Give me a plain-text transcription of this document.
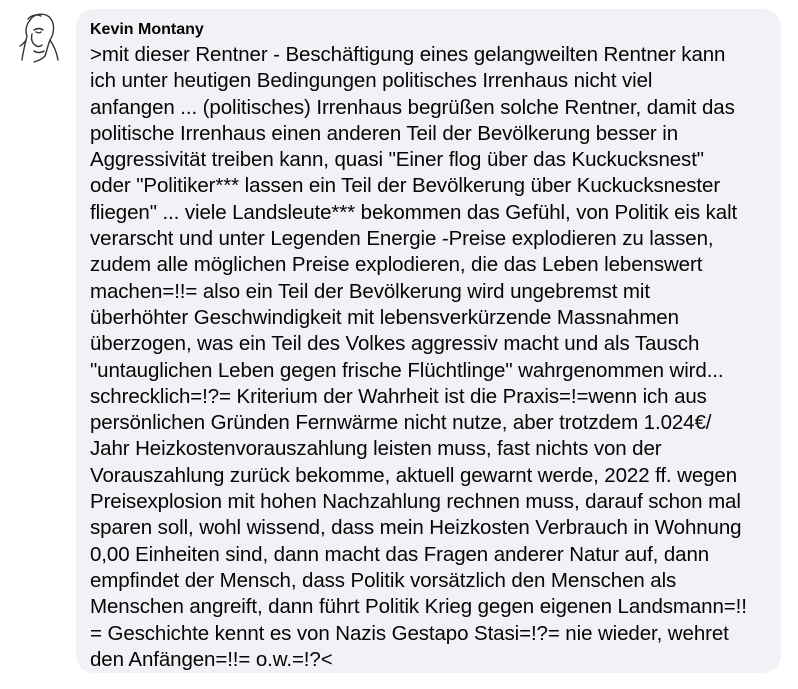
Kevin Montany
>mit dieser Rentner - Beschäftigung eines gelangweilten Rentner kann
ich unter heutigen Bedingungen politisches Irrenhaus nicht viel
anfangen ... (politisches) Irrenhaus begrüßen solche Rentner, damit das
politische Irrenhaus einen anderen Teil der Bevölkerung besser in
Aggressivität treiben kann, quasi "Einer flog über das Kuckucksnest"
oder "Politiker*** lassen ein Teil der Bevölkerung über Kuckucksnester
fliegen" ... viele Landsleute*** bekommen das Gefühl, von Politik eis kalt
verarscht und unter Legenden Energie -Preise explodieren zu lassen,
zudem alle möglichen Preise explodieren, die das Leben lebenswert
machen=!!= also ein Teil der Bevölkerung wird ungebremst mit
überhöhter Geschwindigkeit mit lebensverkürzende Massnahmen
überzogen, was ein Teil des Volkes aggressiv macht und als Tausch
"untauglichen Leben gegen frische Flüchtlinge" wahrgenommen wird...
schrecklich=!?= Kriterium der Wahrheit ist die Praxis=!=wenn ich aus
persönlichen Gründen Fernwärme nicht nutze, aber trotzdem 1.024€/
Jahr Heizkostenvorauszahlung leisten muss, fast nichts von der
Vorauszahlung zurück bekomme, aktuell gewarnt werde, 2022 ff. wegen
Preisexplosion mit hohen Nachzahlung rechnen muss, darauf schon mal
sparen soll, wohl wissend, dass mein Heizkosten Verbrauch in Wohnung
0,00 Einheiten sind, dann macht das Fragen anderer Natur auf, dann
empfindet der Mensch, dass Politik vorsätzlich den Menschen als
Menschen angreift, dann führt Politik Krieg gegen eigenen Landsmann=!!
= Geschichte kennt es von Nazis Gestapo Stasi=!?= nie wieder, wehret
den Anfängen=!!= o.w.=!?<
